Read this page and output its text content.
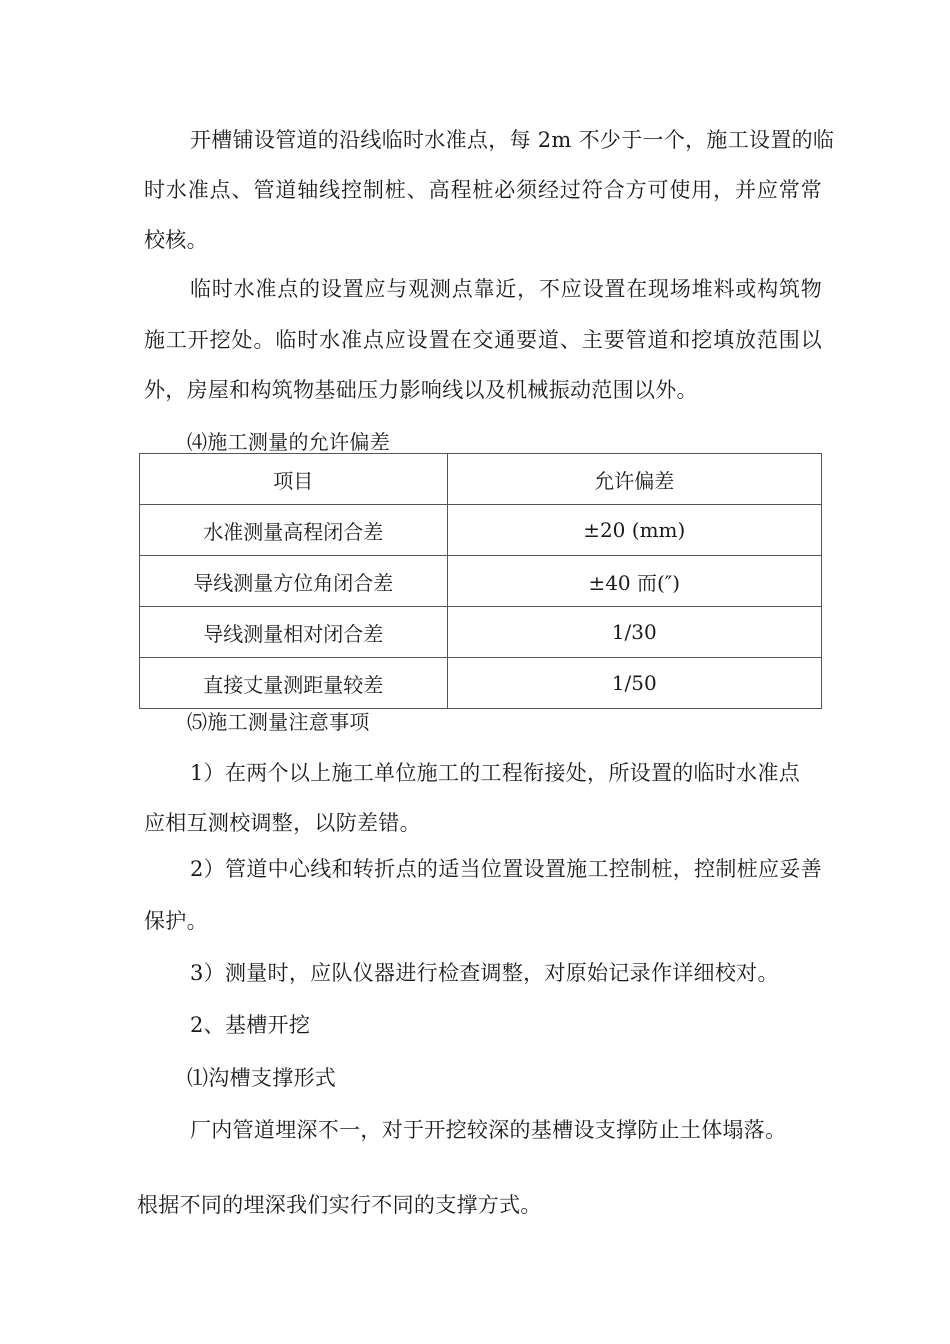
开槽铺设管道的沿线临时水准点，每 2m 不少于一个，施工设置的临
时水准点、管道轴线控制桩、高程桩必须经过符合方可使用，并应常常
校核。
临时水准点的设置应与观测点靠近，不应设置在现场堆料或构筑物
施工开挖处。临时水准点应设置在交通要道、主要管道和挖填放范围以
外，房屋和构筑物基础压力影响线以及机械振动范围以外。
⑷施工测量的允许偏差
项目	允许偏差
水准测量高程闭合差	±20 (mm)
导线测量方位角闭合差	±40 而(″)
导线测量相对闭合差	1/30
直接丈量测距量较差	1/50
⑸施工测量注意事项
1）在两个以上施工单位施工的工程衔接处，所设置的临时水准点
应相互测校调整，以防差错。
2）管道中心线和转折点的适当位置设置施工控制桩，控制桩应妥善
保护。
3）测量时，应队仪器进行检查调整，对原始记录作详细校对。
2、基槽开挖
⑴沟槽支撑形式
厂内管道埋深不一，对于开挖较深的基槽设支撑防止土体塌落。
根据不同的埋深我们实行不同的支撑方式。
